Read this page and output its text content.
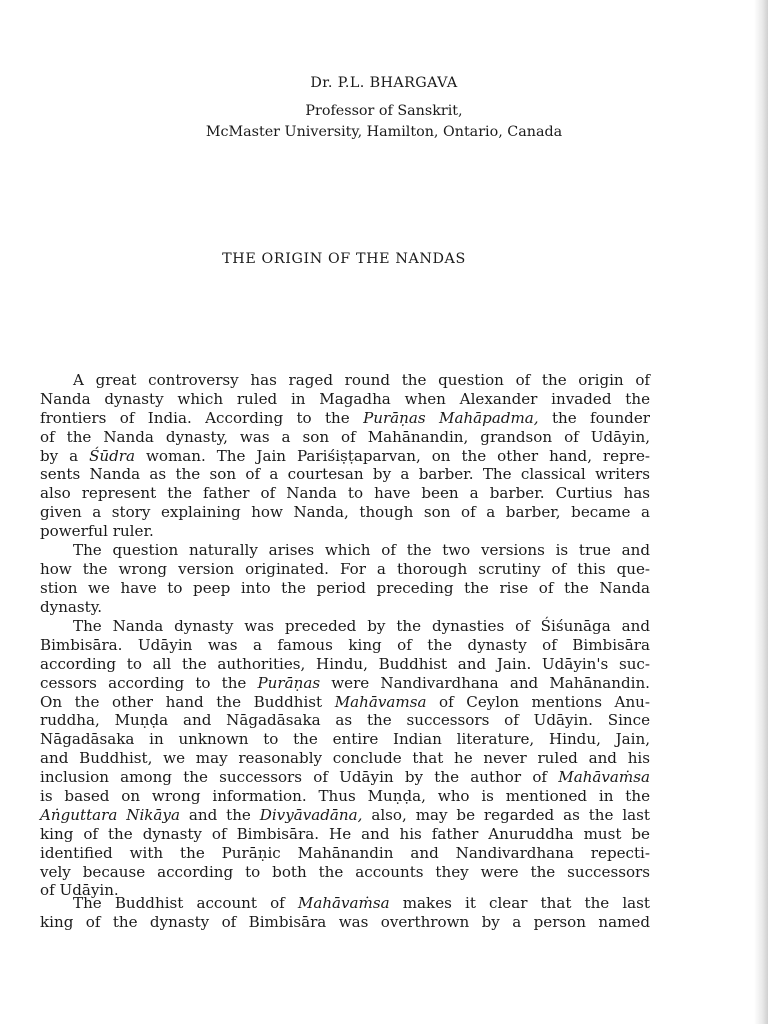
Dr. P.L. BHARGAVA
Professor of Sanskrit,
McMaster University, Hamilton, Ontario, Canada
THE ORIGIN OF THE NANDAS
A great controversy has raged round the question of the origin of
Nanda dynasty which ruled in Magadha when Alexander invaded the
frontiers of India. According to the Purāṇas Mahāpadma, the founder
of the Nanda dynasty, was a son of Mahānandin, grandson of Udāyin,
by a Śūdra woman. The Jain Pariśiṣṭaparvan, on the other hand, repre-
sents Nanda as the son of a courtesan by a barber. The classical writers
also represent the father of Nanda to have been a barber. Curtius has
given a story explaining how Nanda, though son of a barber, became a
powerful ruler.
The question naturally arises which of the two versions is true and
how the wrong version originated. For a thorough scrutiny of this que-
stion we have to peep into the period preceding the rise of the Nanda
dynasty.
The Nanda dynasty was preceded by the dynasties of Śiśunāga and
Bimbisāra. Udāyin was a famous king of the dynasty of Bimbisāra
according to all the authorities, Hindu, Buddhist and Jain. Udāyin's suc-
cessors according to the Purāṇas were Nandivardhana and Mahānandin.
On the other hand the Buddhist Mahāvamsa of Ceylon mentions Anu-
ruddha, Muṇḍa and Nāgadāsaka as the successors of Udāyin. Since
Nāgadāsaka in unknown to the entire Indian literature, Hindu, Jain,
and Buddhist, we may reasonably conclude that he never ruled and his
inclusion among the successors of Udāyin by the author of Mahāvaṁsa
is based on wrong information. Thus Muṇḍa, who is mentioned in the
Aṅguttara Nikāya and the Divyāvadāna, also, may be regarded as the last
king of the dynasty of Bimbisāra. He and his father Anuruddha must be
identified with the Purāṇic Mahānandin and Nandivardhana repecti-
vely because according to both the accounts they were the successors
of Udāyin.
The Buddhist account of Mahāvaṁsa makes it clear that the last
king of the dynasty of Bimbisāra was overthrown by a person named
